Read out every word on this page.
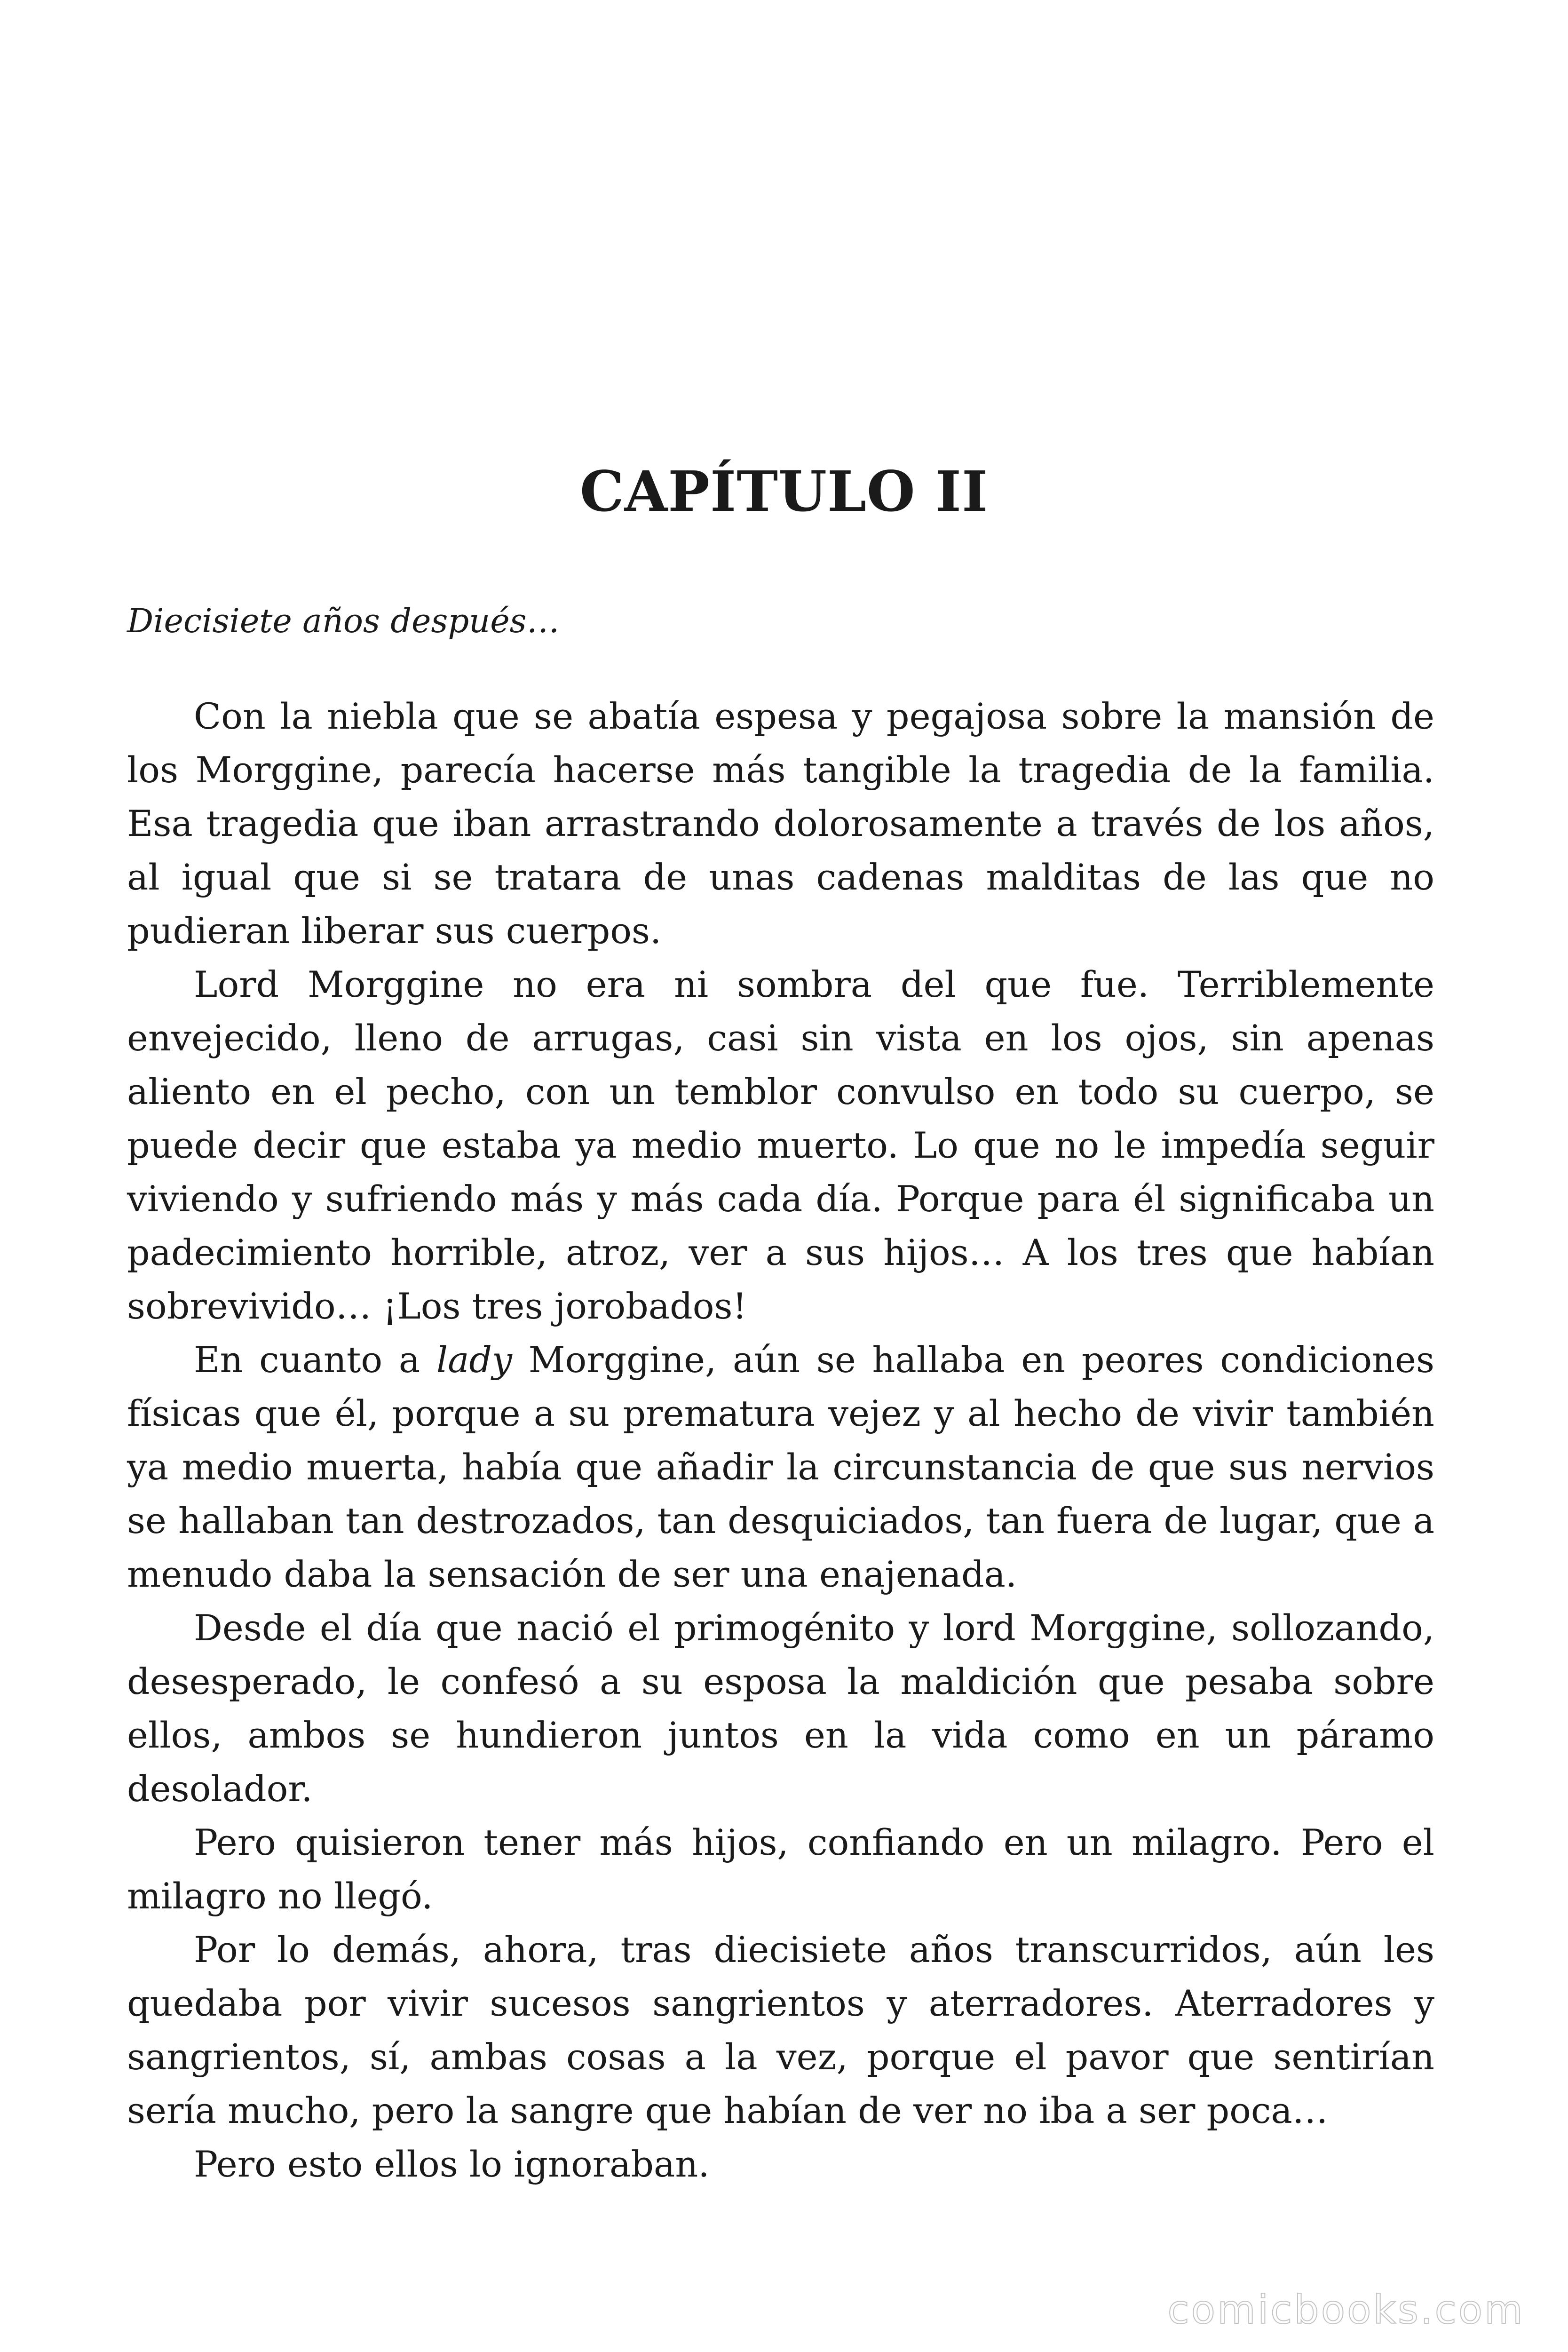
CAPÍTULO II

Diecisiete años después…

Con la niebla que se abatía espesa y pegajosa sobre la mansión de los Morggine, parecía hacerse más tangible la tragedia de la familia. Esa tragedia que iban arrastrando dolorosamente a través de los años, al igual que si se tratara de unas cadenas malditas de las que no pudieran liberar sus cuerpos.

Lord Morggine no era ni sombra del que fue. Terriblemente envejecido, lleno de arrugas, casi sin vista en los ojos, sin apenas aliento en el pecho, con un temblor convulso en todo su cuerpo, se puede decir que estaba ya medio muerto. Lo que no le impedía seguir viviendo y sufriendo más y más cada día. Porque para él significaba un padecimiento horrible, atroz, ver a sus hijos… A los tres que habían sobrevivido… ¡Los tres jorobados!

En cuanto a lady Morggine, aún se hallaba en peores condiciones físicas que él, porque a su prematura vejez y al hecho de vivir también ya medio muerta, había que añadir la circunstancia de que sus nervios se hallaban tan destrozados, tan desquiciados, tan fuera de lugar, que a menudo daba la sensación de ser una enajenada.

Desde el día que nació el primogénito y lord Morggine, sollozando, desesperado, le confesó a su esposa la maldición que pesaba sobre ellos, ambos se hundieron juntos en la vida como en un páramo desolador.

Pero quisieron tener más hijos, confiando en un milagro. Pero el milagro no llegó.

Por lo demás, ahora, tras diecisiete años transcurridos, aún les quedaba por vivir sucesos sangrientos y aterradores. Aterradores y sangrientos, sí, ambas cosas a la vez, porque el pavor que sentirían sería mucho, pero la sangre que habían de ver no iba a ser poca…

Pero esto ellos lo ignoraban.

comicbooks.com
